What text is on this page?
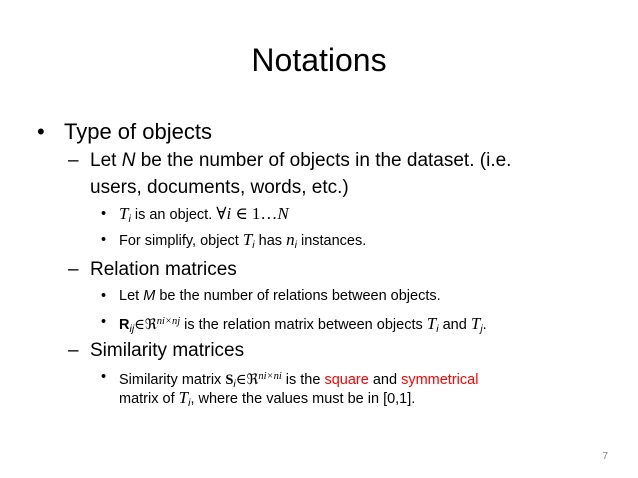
Notations
• Type of objects
– Let N be the number of objects in the dataset. (i.e.
users, documents, words, etc.)
• $T_i$ is an object. ∀i ∈ 1…N
• For simplify, object $T_i$ has $n_i$ instances.
– Relation matrices
• Let M be the number of relations between objects.
• $R_{ij}\in ℜ^{ni\times nj}$ is the relation matrix between objects $T_i$ and $T_j$.
– Similarity matrices
• Similarity matrix $S_i\in ℜ^{ni\times ni}$ is the square and symmetrical
matrix of $T_i$, where the values must be in [0,1].
7
